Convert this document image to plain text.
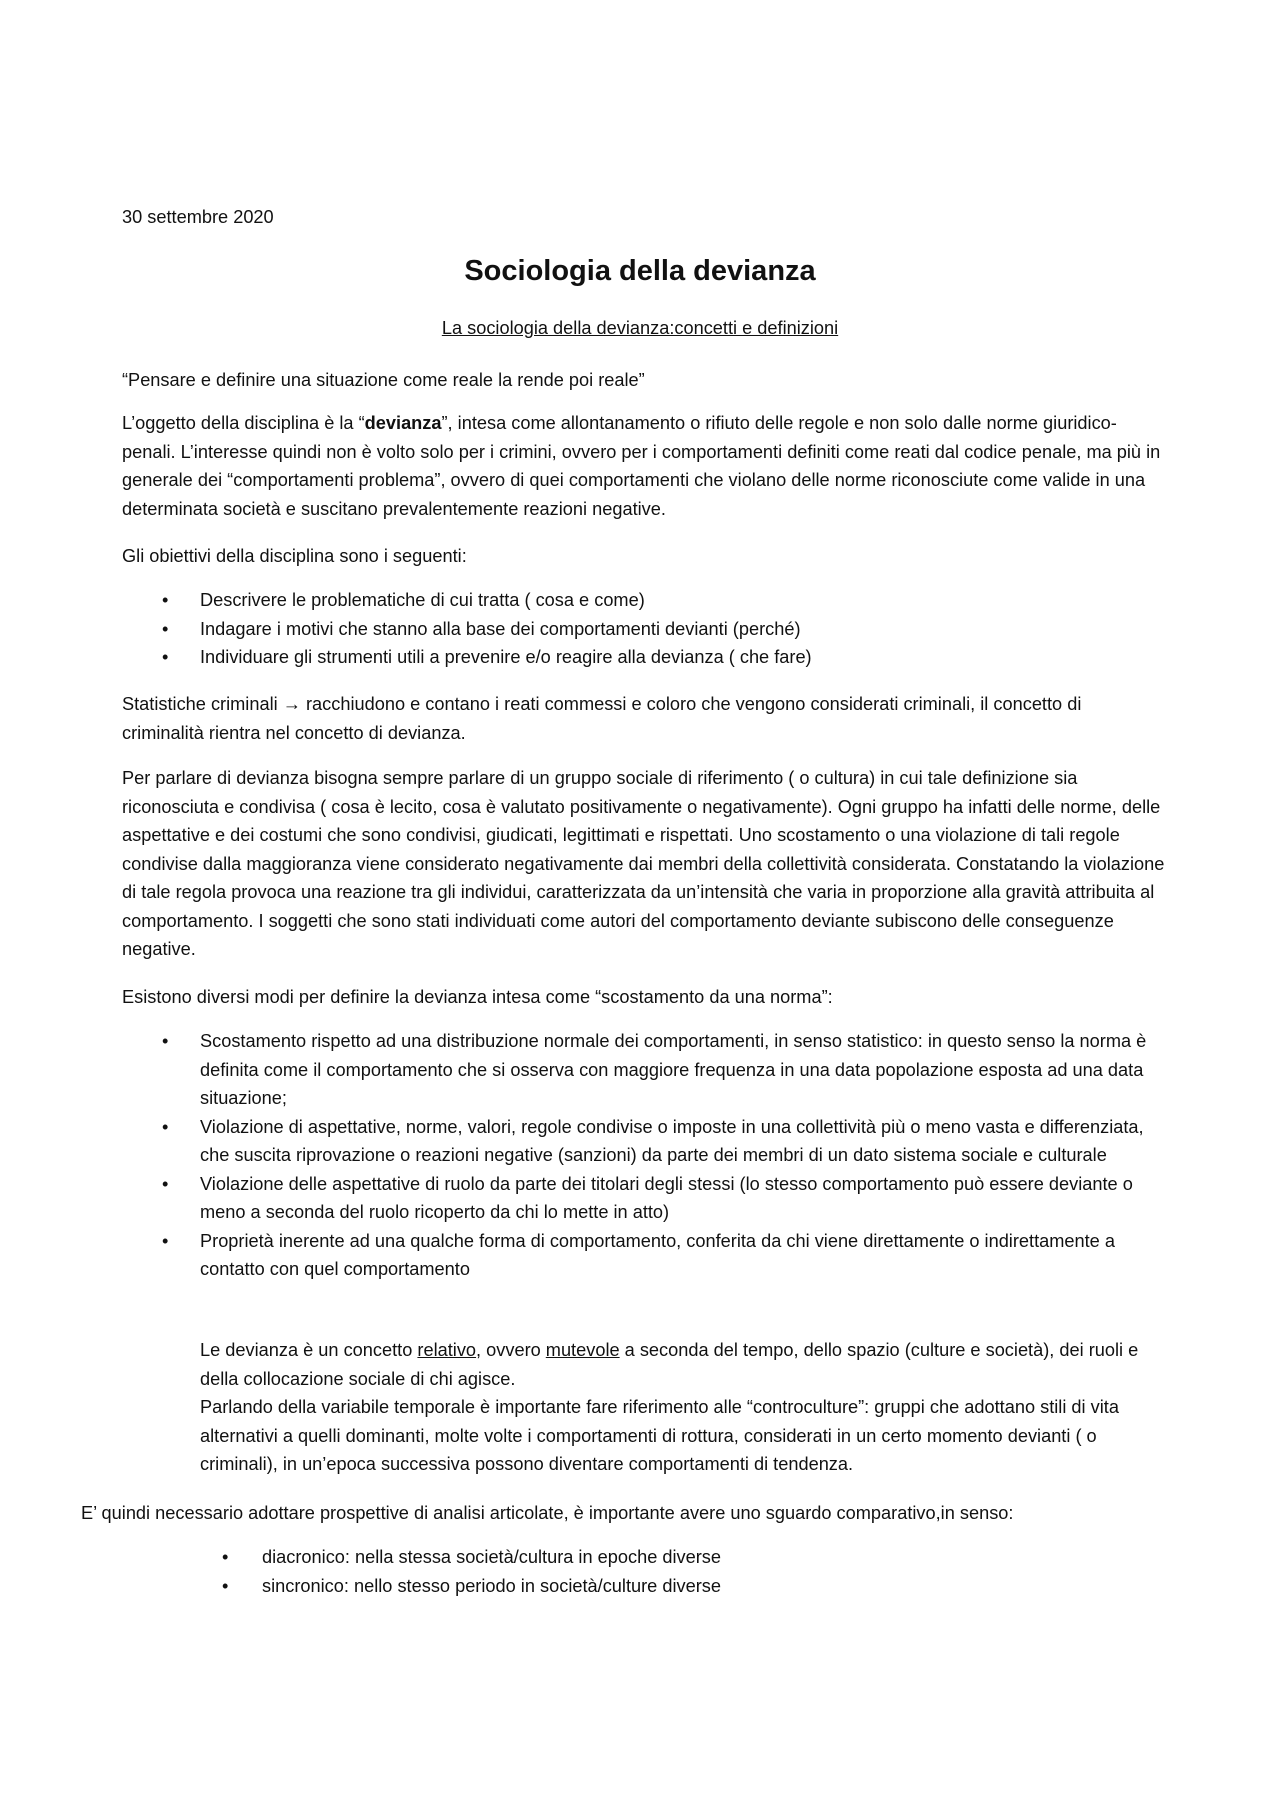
30 settembre 2020

Sociologia della devianza

La sociologia della devianza:concetti e definizioni

“Pensare e definire una situazione come reale la rende poi reale”

L’oggetto della disciplina è la “devianza”, intesa come allontanamento o rifiuto delle regole e non solo dalle norme giuridico-penali. L’interesse quindi non è volto solo per i crimini, ovvero per i comportamenti definiti come reati dal codice penale, ma più in generale dei “comportamenti problema”, ovvero di quei comportamenti che violano delle norme riconosciute come valide in una determinata società e suscitano prevalentemente reazioni negative.

Gli obiettivi della disciplina sono i seguenti:

• Descrivere le problematiche di cui tratta ( cosa e come)
• Indagare i motivi che stanno alla base dei comportamenti devianti (perché)
• Individuare gli strumenti utili a prevenire e/o reagire alla devianza ( che fare)

Statistiche criminali → racchiudono e contano i reati commessi e coloro che vengono considerati criminali, il concetto di criminalità rientra nel concetto di devianza.

Per parlare di devianza bisogna sempre parlare di un gruppo sociale di riferimento ( o cultura) in cui tale definizione sia riconosciuta e condivisa ( cosa è lecito, cosa è valutato positivamente o negativamente). Ogni gruppo ha infatti delle norme, delle aspettative e dei costumi che sono condivisi, giudicati, legittimati e rispettati. Uno scostamento o una violazione di tali regole condivise dalla maggioranza viene considerato negativamente dai membri della collettività considerata. Constatando la violazione di tale regola provoca una reazione tra gli individui, caratterizzata da un’intensità che varia in proporzione alla gravità attribuita al comportamento. I soggetti che sono stati individuati come autori del comportamento deviante subiscono delle conseguenze negative.

Esistono diversi modi per definire la devianza intesa come “scostamento da una norma”:

• Scostamento rispetto ad una distribuzione normale dei comportamenti, in senso statistico: in questo senso la norma è definita come il comportamento che si osserva con maggiore frequenza in una data popolazione esposta ad una data situazione;
• Violazione di aspettative, norme, valori, regole condivise o imposte in una collettività più o meno vasta e differenziata, che suscita riprovazione o reazioni negative (sanzioni) da parte dei membri di un dato sistema sociale e culturale
• Violazione delle aspettative di ruolo da parte dei titolari degli stessi (lo stesso comportamento può essere deviante o meno a seconda del ruolo ricoperto da chi lo mette in atto)
• Proprietà inerente ad una qualche forma di comportamento, conferita da chi viene direttamente o indirettamente a contatto con quel comportamento

Le devianza è un concetto relativo, ovvero mutevole a seconda del tempo, dello spazio (culture e società), dei ruoli e della collocazione sociale di chi agisce.

Parlando della variabile temporale è importante fare riferimento alle “controculture”: gruppi che adottano stili di vita alternativi a quelli dominanti, molte volte i comportamenti di rottura, considerati in un certo momento devianti ( o criminali), in un’epoca successiva possono diventare comportamenti di tendenza.

E’ quindi necessario adottare prospettive di analisi articolate, è importante avere uno sguardo comparativo,in senso:

• diacronico: nella stessa società/cultura in epoche diverse
• sincronico: nello stesso periodo in società/culture diverse
